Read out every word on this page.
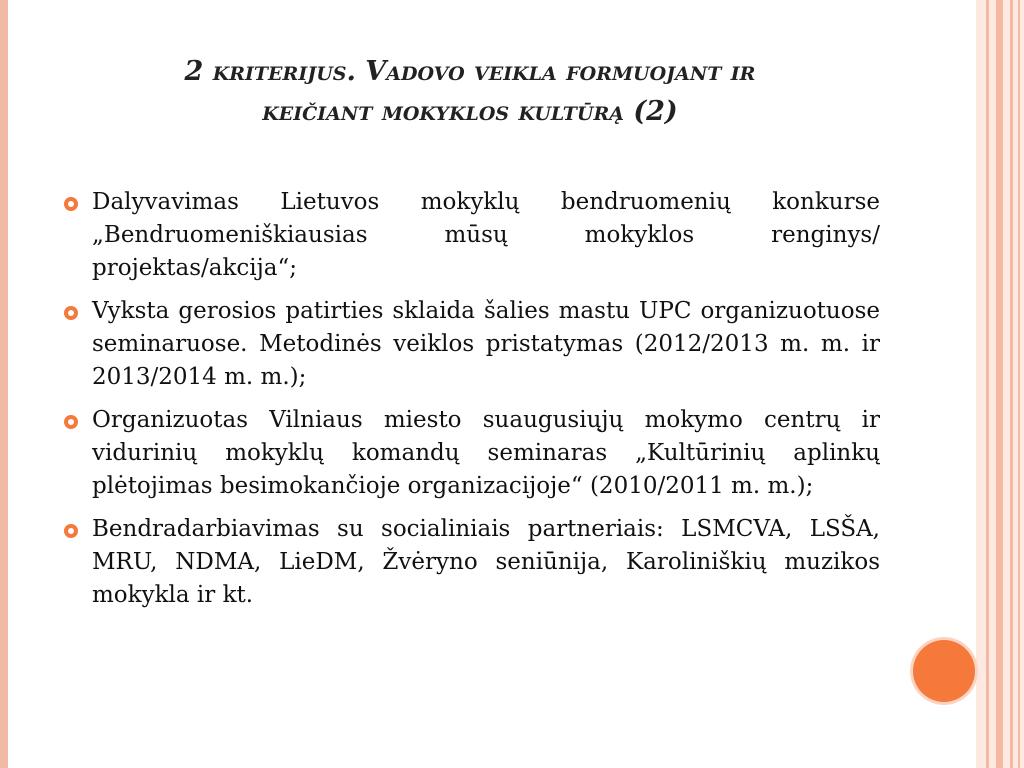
2 kriterijus. Vadovo veikla formuojant ir
keičiant mokyklos kultūrą (2)
Dalyvavimas Lietuvos mokyklų bendruomenių konkurse „Bendruomeniškiausias mūsų mokyklos renginys/ projektas/akcija“;
Vyksta gerosios patirties sklaida šalies mastu UPC organizuotuose seminaruose. Metodinės veiklos pristatymas (2012/2013 m. m. ir 2013/2014 m. m.);
Organizuotas Vilniaus miesto suaugusiųjų mokymo centrų ir vidurinių mokyklų komandų seminaras „Kultūrinių aplinkų plėtojimas besimokančioje organizacijoje“ (2010/2011 m. m.);
Bendradarbiavimas su socialiniais partneriais: LSMCVA, LSŠA, MRU, NDMA, LieDM, Žvėryno seniūnija, Karoliniškių muzikos mokykla ir kt.
